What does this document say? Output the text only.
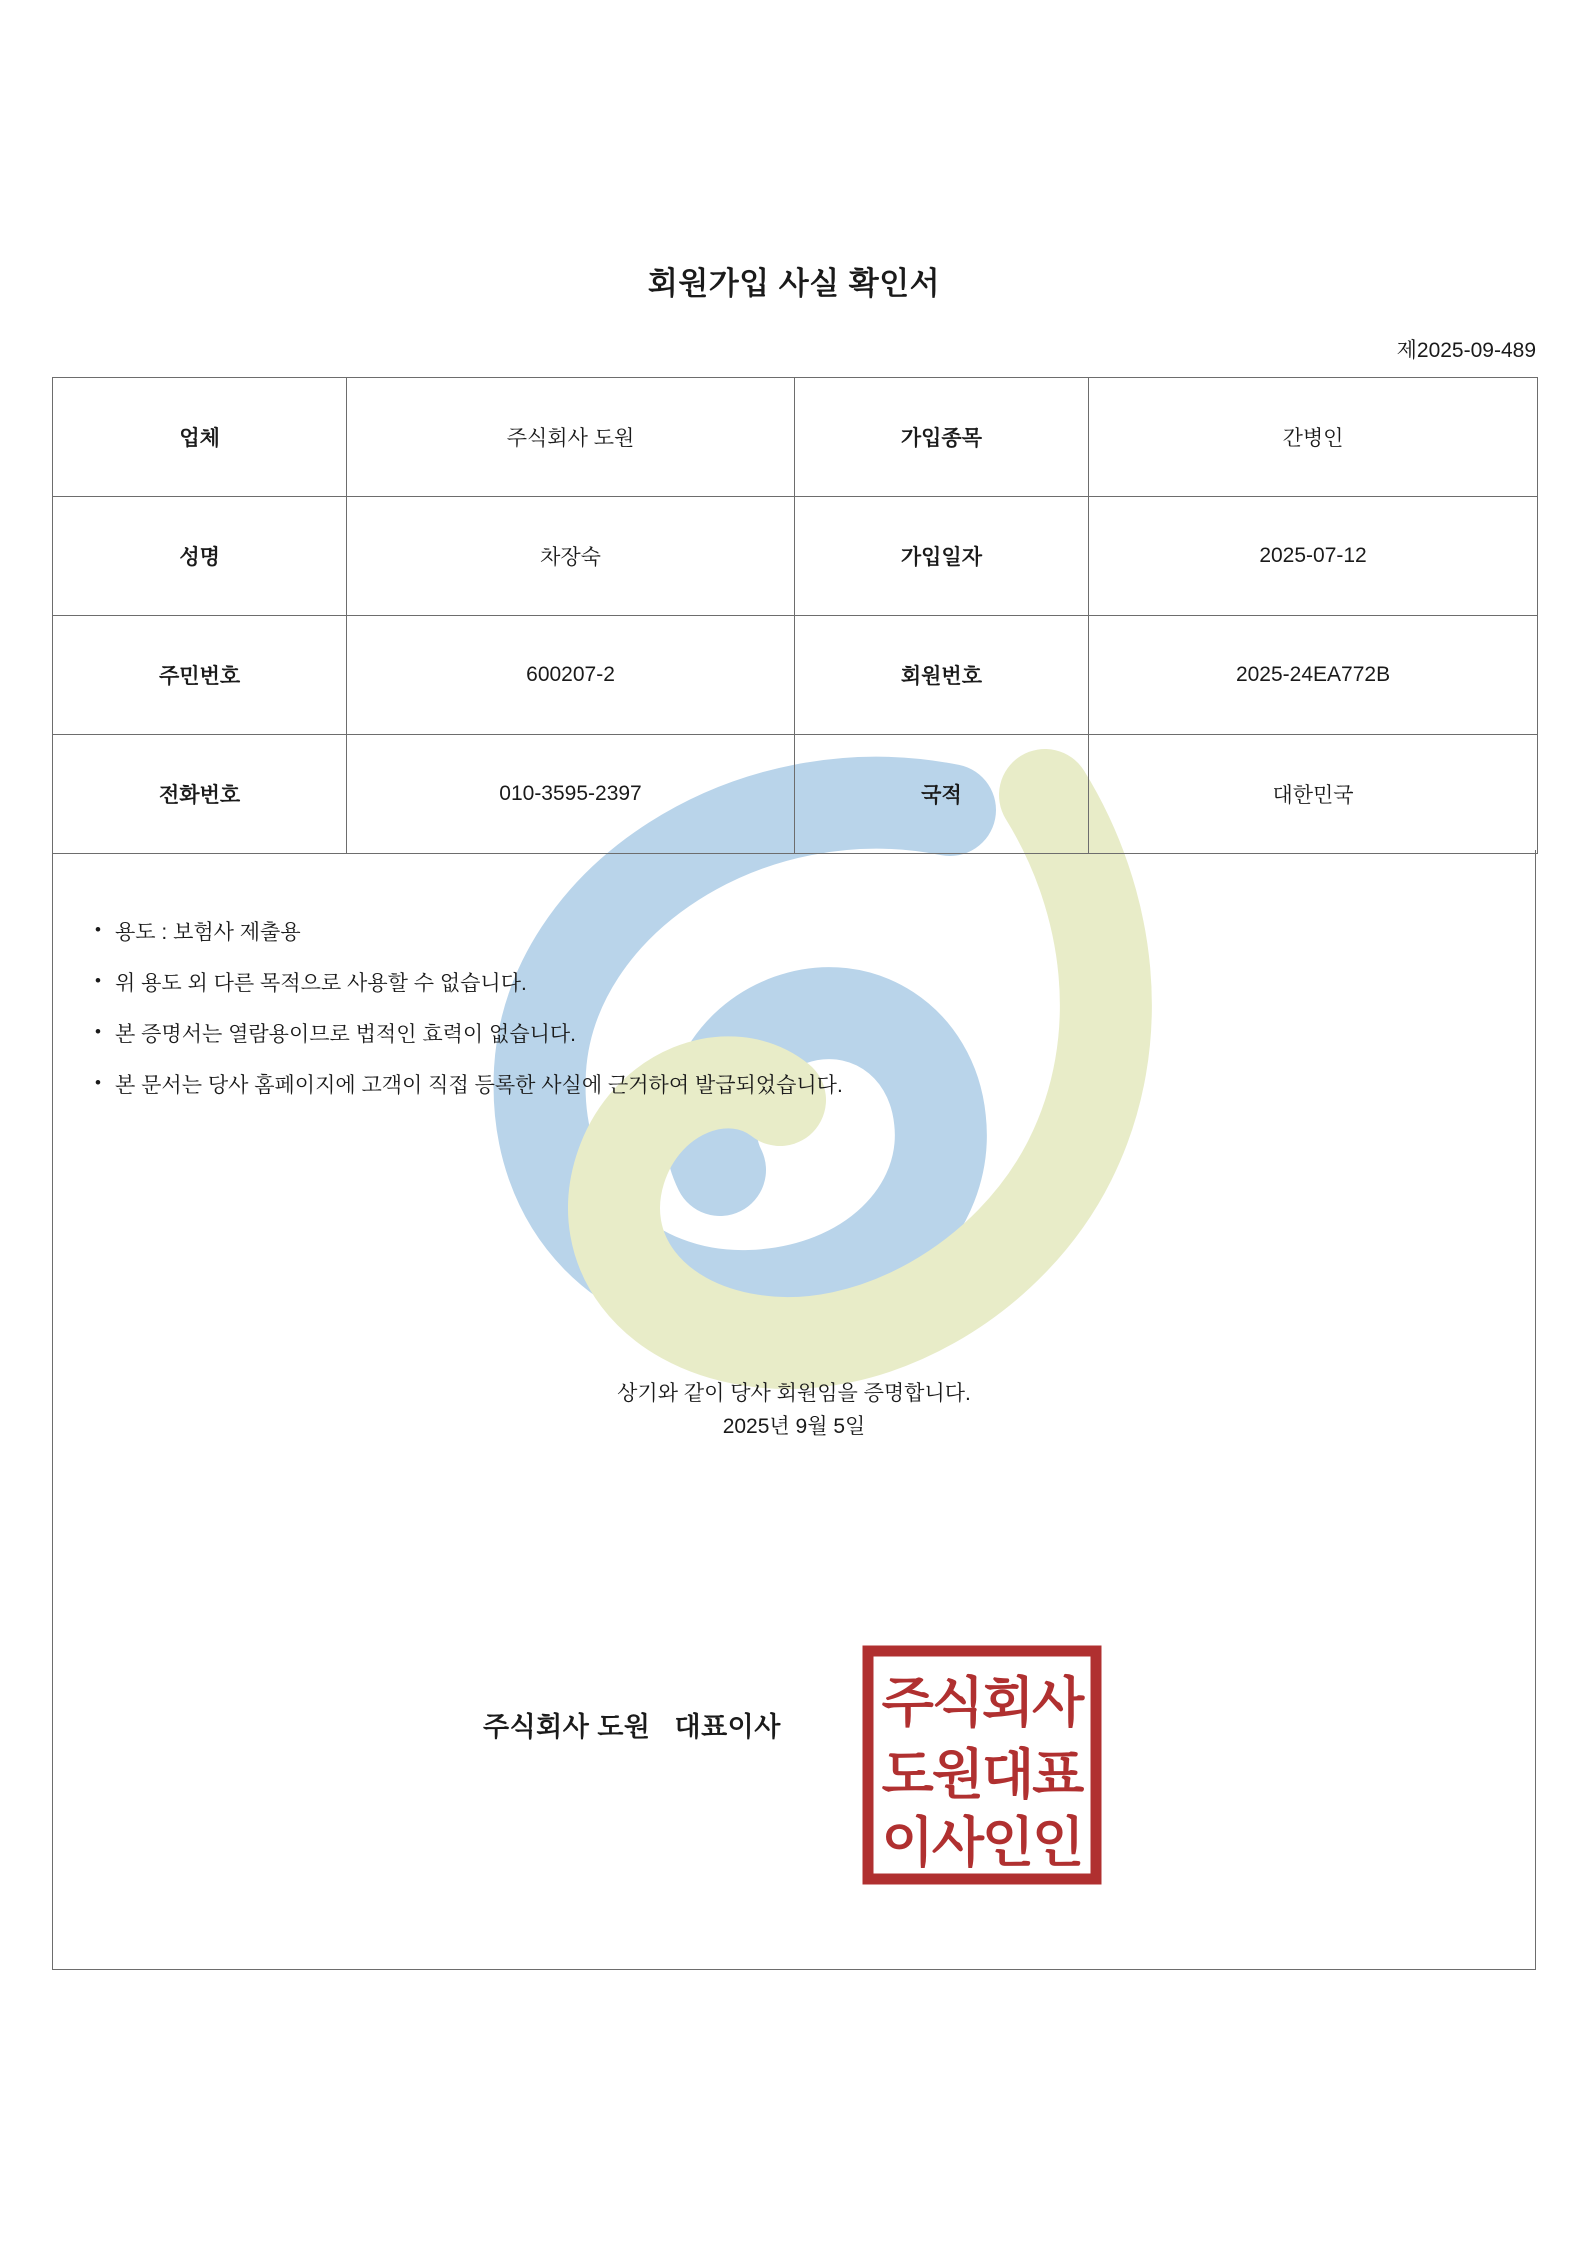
회원가입 사실 확인서
제2025-09-489
업체	주식회사 도원	가입종목	간병인
성명	차장숙	가입일자	2025-07-12
주민번호	600207-2	회원번호	2025-24EA772B
전화번호	010-3595-2397	국적	대한민국
• 용도 : 보험사 제출용
• 위 용도 외 다른 목적으로 사용할 수 없습니다.
• 본 증명서는 열람용이므로 법적인 효력이 없습니다.
• 본 문서는 당사 홈페이지에 고객이 직접 등록한 사실에 근거하여 발급되었습니다.
상기와 같이 당사 회원임을 증명합니다.
2025년 9월 5일
주식회사 도원   대표이사 주식회사
도원대표
이사인인
